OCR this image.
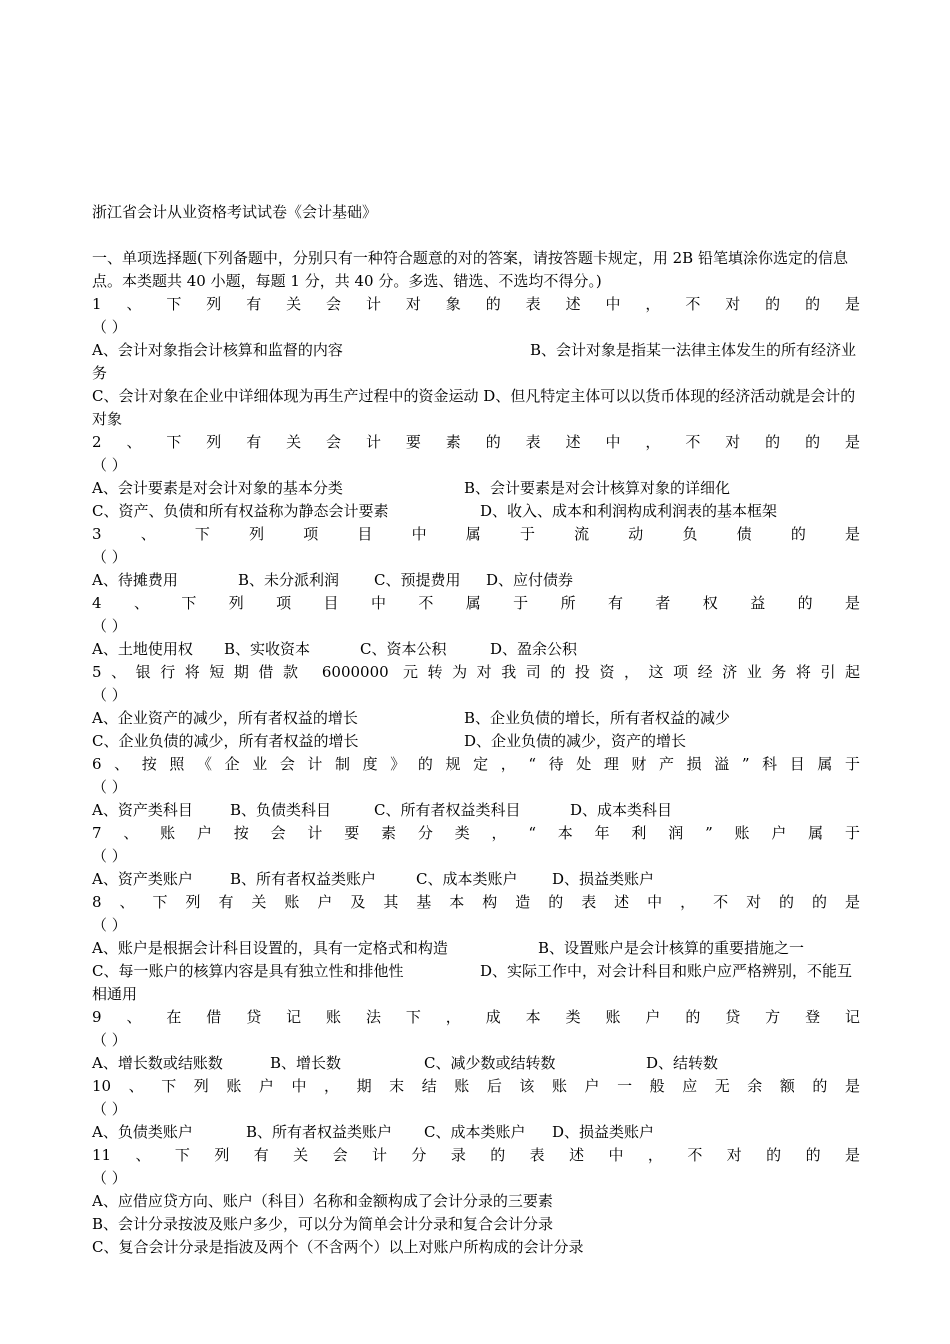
浙江省会计从业资格考试试卷《会计基础》
一、单项选择题(下列备题中，分别只有一种符合题意的对的答案，请按答题卡规定，用 2B 铅笔填涂你选定的信息点。本类题共 40 小题，每题 1 分，共 40 分。多选、错选、不选均不得分。)
1、下列有关会计对象的表述中，不对的的是
（ ）
A、会计对象指会计核算和监督的内容	B、会计对象是指某一法律主体发生的所有经济业务
C、会计对象在企业中详细体现为再生产过程中的资金运动 D、但凡特定主体可以以货币体现的经济活动就是会计的对象
2、下列有关会计要素的表述中，不对的的是
（ ）
A、会计要素是对会计对象的基本分类	B、会计要素是对会计核算对象的详细化
C、资产、负债和所有权益称为静态会计要素	D、收入、成本和利润构成利润表的基本框架
3、下列项目中属于流动负债的是
（ ）
A、待摊费用	B、未分派利润	C、预提费用	D、应付债券
4、下列项目中不属于所有者权益的是
（ ）
A、土地使用权	B、实收资本	C、资本公积	D、盈余公积
5、银行将短期借款 6000000 元转为对我司的投资，这项经济业务将引起
（ ）
A、企业资产的减少，所有者权益的增长	B、企业负债的增长，所有者权益的减少
C、企业负债的减少，所有者权益的增长	D、企业负债的减少，资产的增长
6、按照《企业会计制度》的规定，“待处理财产损溢”科目属于
（ ）
A、资产类科目	B、负债类科目	C、所有者权益类科目	D、成本类科目
7、账户按会计要素分类，“本年利润”账户属于
（ ）
A、资产类账户	B、所有者权益类账户	C、成本类账户	D、损益类账户
8、下列有关账户及其基本构造的表述中，不对的的是
（ ）
A、账户是根据会计科目设置的，具有一定格式和构造	B、设置账户是会计核算的重要措施之一
C、每一账户的核算内容是具有独立性和排他性	D、实际工作中，对会计科目和账户应严格辨别，不能互相通用
9、在借贷记账法下，成本类账户的贷方登记
（ ）
A、增长数或结账数	B、增长数	C、减少数或结转数	D、结转数
10、下列账户中，期末结账后该账户一般应无余额的是
（ ）
A、负债类账户	B、所有者权益类账户	C、成本类账户	D、损益类账户
11、下列有关会计分录的表述中，不对的的是
（ ）
A、应借应贷方向、账户（科目）名称和金额构成了会计分录的三要素
B、会计分录按波及账户多少，可以分为简单会计分录和复合会计分录
C、复合会计分录是指波及两个（不含两个）以上对账户所构成的会计分录
